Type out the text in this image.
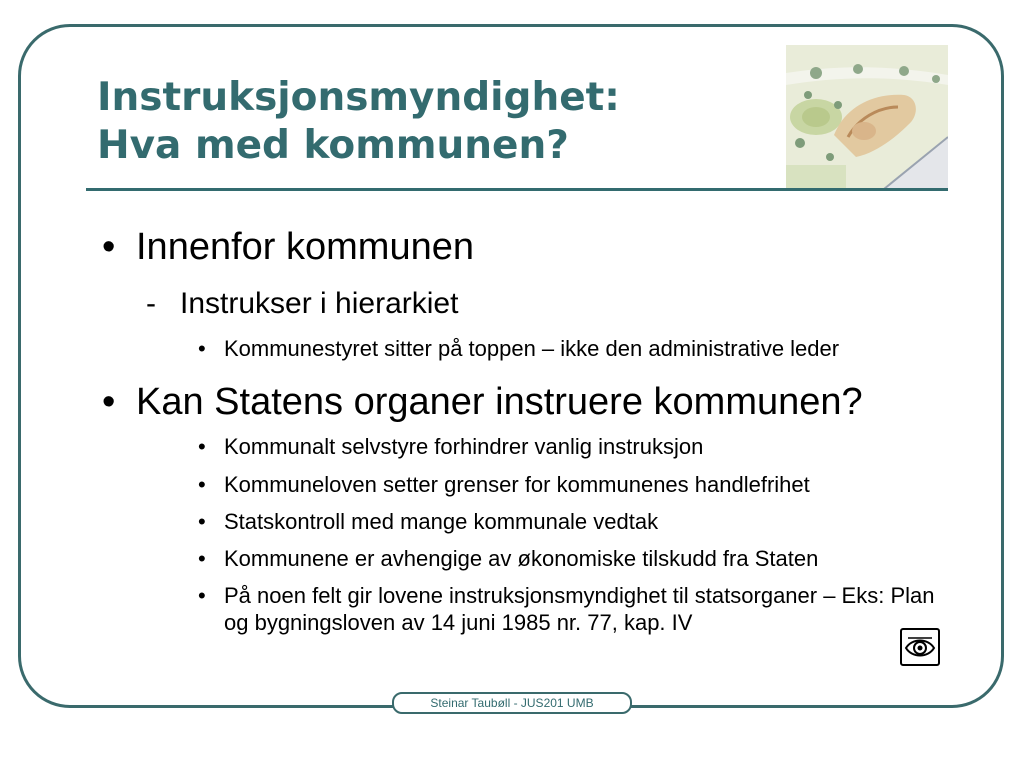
Instruksjonsmyndighet:
Hva med kommunen?
• Innenfor kommunen
- Instrukser i hierarkiet
• Kommunestyret sitter på toppen – ikke den administrative leder
• Kan Statens organer instruere kommunen?
• Kommunalt selvstyre forhindrer vanlig instruksjon
• Kommuneloven setter grenser for kommunenes handlefrihet
• Statskontroll med mange kommunale vedtak
• Kommunene er avhengige av økonomiske tilskudd fra Staten
• På noen felt gir lovene instruksjonsmyndighet til statsorganer – Eks: Plan og bygningsloven av 14 juni 1985 nr. 77, kap. IV
Steinar Taubøll - JUS201 UMB
